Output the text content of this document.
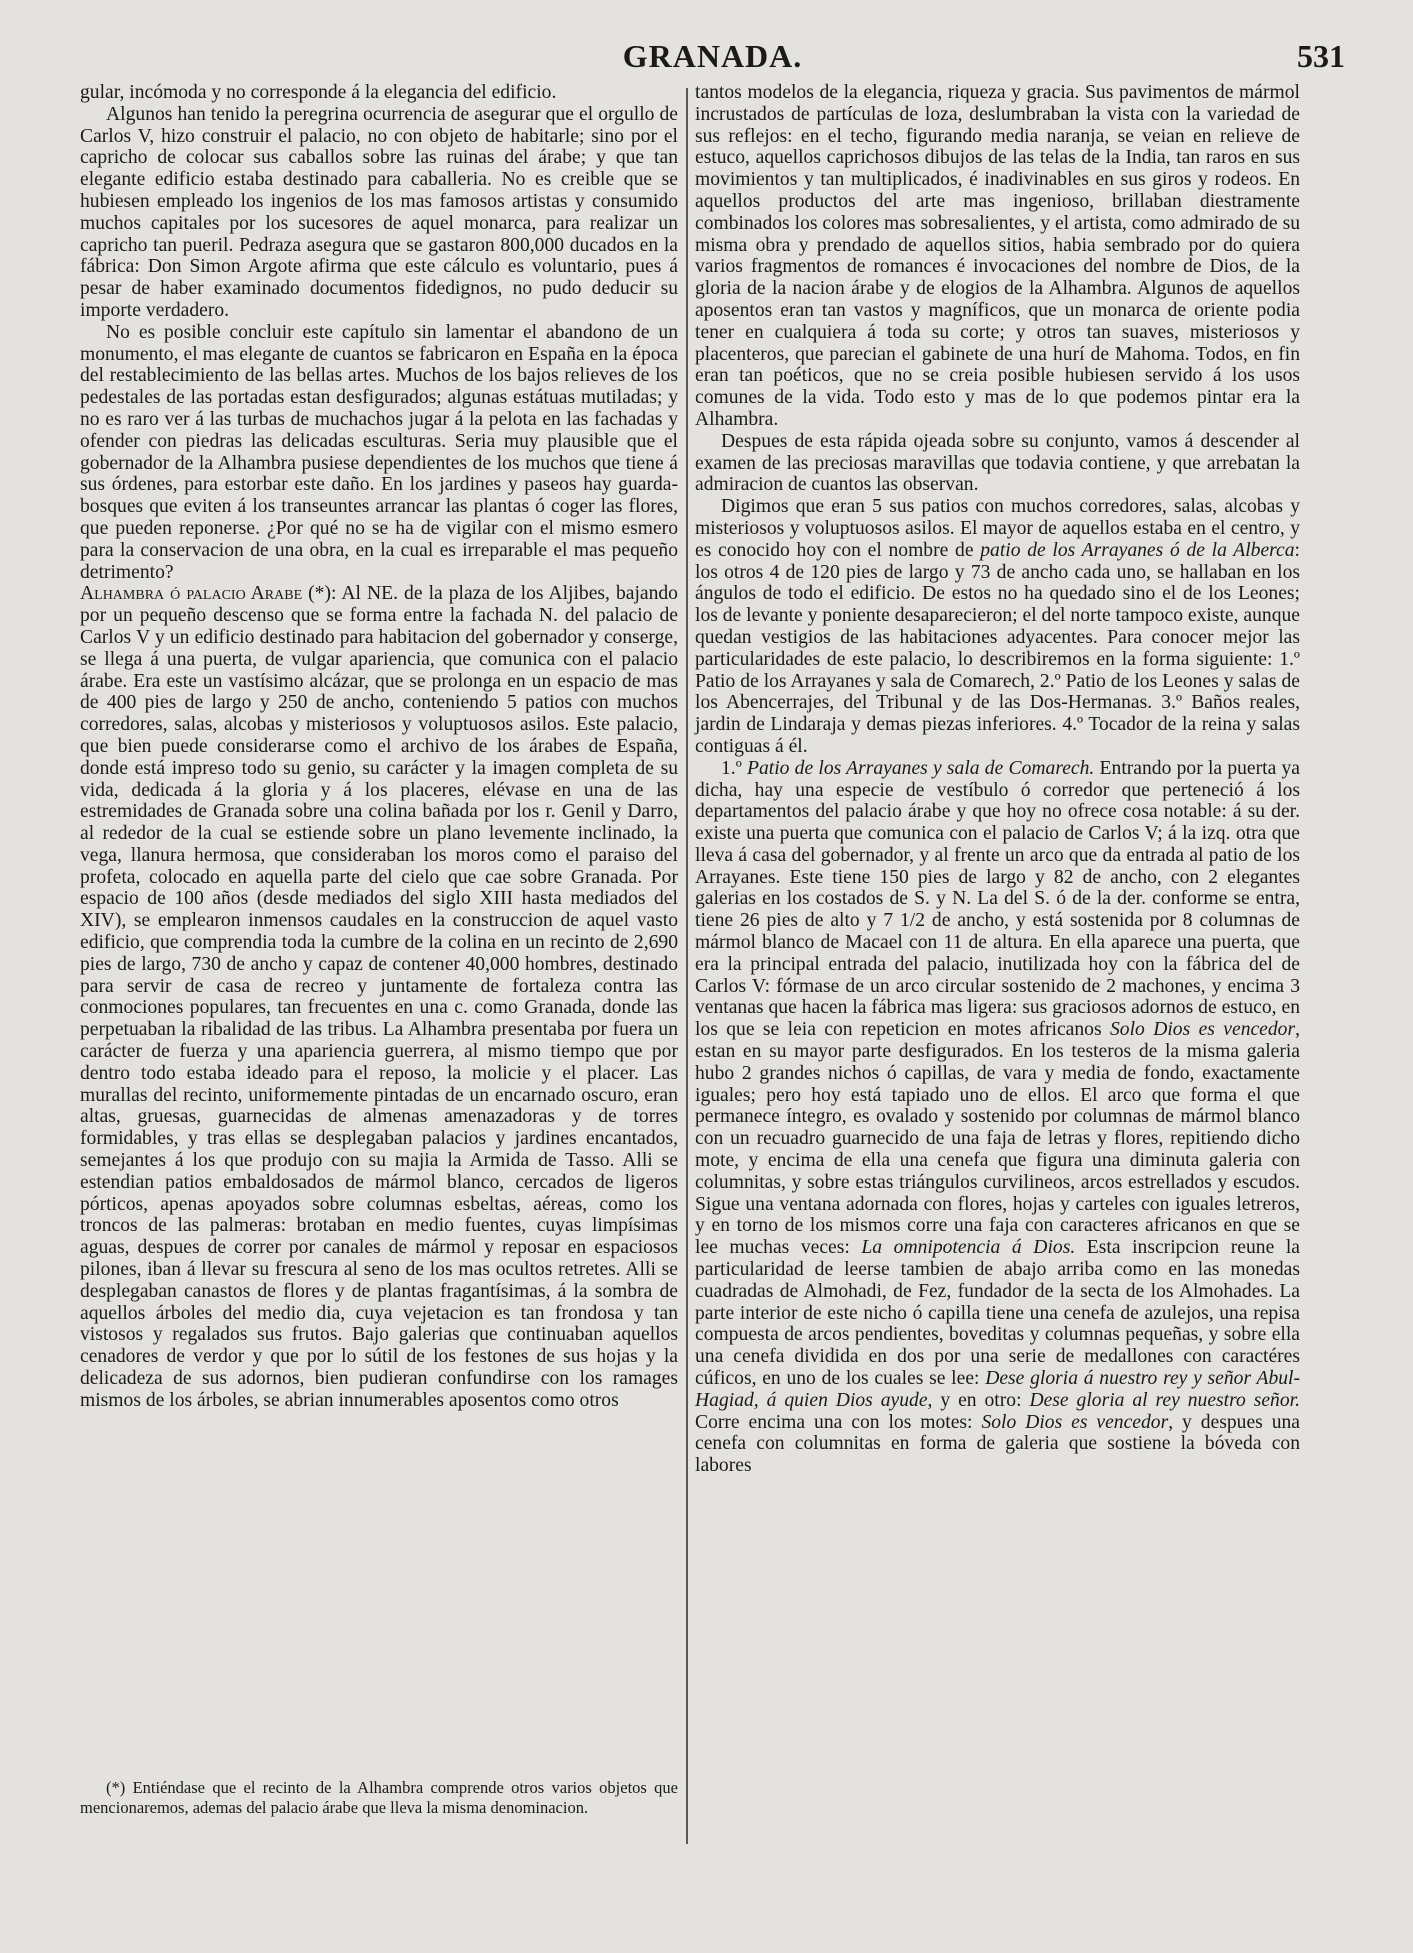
GRANADA.	531

gular, incómoda y no corresponde á la elegancia del edificio.

Algunos han tenido la peregrina ocurrencia de asegurar que el orgullo de Carlos V, hizo construir el palacio, no con objeto de habitarle; sino por el capricho de colocar sus caballos sobre las ruinas del árabe; y que tan elegante edificio estaba destinado para caballeria. No es creible que se hubiesen empleado los ingenios de los mas famosos artistas y consumido muchos capitales por los sucesores de aquel monarca, para realizar un capricho tan pueril. Pedraza asegura que se gastaron 800,000 ducados en la fábrica: Don Simon Argote afirma que este cálculo es voluntario, pues á pesar de haber examinado documentos fidedignos, no pudo deducir su importe verdadero.

No es posible concluir este capítulo sin lamentar el abandono de un monumento, el mas elegante de cuantos se fabricaron en España en la época del restablecimiento de las bellas artes. Muchos de los bajos relieves de los pedestales de las portadas estan desfigurados; algunas estátuas mutiladas; y no es raro ver á las turbas de muchachos jugar á la pelota en las fachadas y ofender con piedras las delicadas esculturas. Seria muy plausible que el gobernador de la Alhambra pusiese dependientes de los muchos que tiene á sus órdenes, para estorbar este daño. En los jardines y paseos hay guarda-bosques que eviten á los transeuntes arrancar las plantas ó coger las flores, que pueden reponerse. ¿Por qué no se ha de vigilar con el mismo esmero para la conservacion de una obra, en la cual es irreparable el mas pequeño detrimento?

Alhambra ó palacio Arabe (*): Al NE. de la plaza de los Aljibes, bajando por un pequeño descenso que se forma entre la fachada N. del palacio de Carlos V y un edificio destinado para habitacion del gobernador y conserge, se llega á una puerta, de vulgar apariencia, que comunica con el palacio árabe. Era este un vastísimo alcázar, que se prolonga en un espacio de mas de 400 pies de largo y 250 de ancho, conteniendo 5 patios con muchos corredores, salas, alcobas y misteriosos y voluptuosos asilos. Este palacio, que bien puede considerarse como el archivo de los árabes de España, donde está impreso todo su genio, su carácter y la imagen completa de su vida, dedicada á la gloria y á los placeres, elévase en una de las estremidades de Granada sobre una colina bañada por los r. Genil y Darro, al rededor de la cual se estiende sobre un plano levemente inclinado, la vega, llanura hermosa, que consideraban los moros como el paraiso del profeta, colocado en aquella parte del cielo que cae sobre Granada. Por espacio de 100 años (desde mediados del siglo XIII hasta mediados del XIV), se emplearon inmensos caudales en la construccion de aquel vasto edificio, que comprendia toda la cumbre de la colina en un recinto de 2,690 pies de largo, 730 de ancho y capaz de contener 40,000 hombres, destinado para servir de casa de recreo y juntamente de fortaleza contra las conmociones populares, tan frecuentes en una c. como Granada, donde las perpetuaban la ribalidad de las tribus. La Alhambra presentaba por fuera un carácter de fuerza y una apariencia guerrera, al mismo tiempo que por dentro todo estaba ideado para el reposo, la molicie y el placer. Las murallas del recinto, uniformemente pintadas de un encarnado oscuro, eran altas, gruesas, guarnecidas de almenas amenazadoras y de torres formidables, y tras ellas se desplegaban palacios y jardines encantados, semejantes á los que produjo con su majia la Armida de Tasso. Alli se estendian patios embaldosados de mármol blanco, cercados de ligeros pórticos, apenas apoyados sobre columnas esbeltas, aéreas, como los troncos de las palmeras: brotaban en medio fuentes, cuyas limpísimas aguas, despues de correr por canales de mármol y reposar en espaciosos pilones, iban á llevar su frescura al seno de los mas ocultos retretes. Alli se desplegaban canastos de flores y de plantas fragantísimas, á la sombra de aquellos árboles del medio dia, cuya vejetacion es tan frondosa y tan vistosos y regalados sus frutos. Bajo galerias que continuaban aquellos cenadores de verdor y que por lo sútil de los festones de sus hojas y la delicadeza de sus adornos, bien pudieran confundirse con los ramages mismos de los árboles, se abrian innumerables aposentos como otros

tantos modelos de la elegancia, riqueza y gracia. Sus pavimentos de mármol incrustados de partículas de loza, deslumbraban la vista con la variedad de sus reflejos: en el techo, figurando media naranja, se veian en relieve de estuco, aquellos caprichosos dibujos de las telas de la India, tan raros en sus movimientos y tan multiplicados, é inadivinables en sus giros y rodeos. En aquellos productos del arte mas ingenioso, brillaban diestramente combinados los colores mas sobresalientes, y el artista, como admirado de su misma obra y prendado de aquellos sitios, habia sembrado por do quiera varios fragmentos de romances é invocaciones del nombre de Dios, de la gloria de la nacion árabe y de elogios de la Alhambra. Algunos de aquellos aposentos eran tan vastos y magníficos, que un monarca de oriente podia tener en cualquiera á toda su corte; y otros tan suaves, misteriosos y placenteros, que parecian el gabinete de una hurí de Mahoma. Todos, en fin eran tan poéticos, que no se creia posible hubiesen servido á los usos comunes de la vida. Todo esto y mas de lo que podemos pintar era la Alhambra.

Despues de esta rápida ojeada sobre su conjunto, vamos á descender al examen de las preciosas maravillas que todavia contiene, y que arrebatan la admiracion de cuantos las observan.

Digimos que eran 5 sus patios con muchos corredores, salas, alcobas y misteriosos y voluptuosos asilos. El mayor de aquellos estaba en el centro, y es conocido hoy con el nombre de patio de los Arrayanes ó de la Alberca: los otros 4 de 120 pies de largo y 73 de ancho cada uno, se hallaban en los ángulos de todo el edificio. De estos no ha quedado sino el de los Leones; los de levante y poniente desaparecieron; el del norte tampoco existe, aunque quedan vestigios de las habitaciones adyacentes. Para conocer mejor las particularidades de este palacio, lo describiremos en la forma siguiente: 1.º Patio de los Arrayanes y sala de Comarech, 2.º Patio de los Leones y salas de los Abencerrajes, del Tribunal y de las Dos-Hermanas. 3.º Baños reales, jardin de Lindaraja y demas piezas inferiores. 4.º Tocador de la reina y salas contiguas á él.

1.º Patio de los Arrayanes y sala de Comarech. Entrando por la puerta ya dicha, hay una especie de vestíbulo ó corredor que perteneció á los departamentos del palacio árabe y que hoy no ofrece cosa notable: á su der. existe una puerta que comunica con el palacio de Carlos V; á la izq. otra que lleva á casa del gobernador, y al frente un arco que da entrada al patio de los Arrayanes. Este tiene 150 pies de largo y 82 de ancho, con 2 elegantes galerias en los costados de S. y N. La del S. ó de la der. conforme se entra, tiene 26 pies de alto y 7 1/2 de ancho, y está sostenida por 8 columnas de mármol blanco de Macael con 11 de altura. En ella aparece una puerta, que era la principal entrada del palacio, inutilizada hoy con la fábrica del de Carlos V: fórmase de un arco circular sostenido de 2 machones, y encima 3 ventanas que hacen la fábrica mas ligera: sus graciosos adornos de estuco, en los que se leia con repeticion en motes africanos Solo Dios es vencedor, estan en su mayor parte desfigurados. En los testeros de la misma galeria hubo 2 grandes nichos ó capillas, de vara y media de fondo, exactamente iguales; pero hoy está tapiado uno de ellos. El arco que forma el que permanece íntegro, es ovalado y sostenido por columnas de mármol blanco con un recuadro guarnecido de una faja de letras y flores, repitiendo dicho mote, y encima de ella una cenefa que figura una diminuta galeria con columnitas, y sobre estas triángulos curvilineos, arcos estrellados y escudos. Sigue una ventana adornada con flores, hojas y carteles con iguales letreros, y en torno de los mismos corre una faja con caracteres africanos en que se lee muchas veces: La omnipotencia á Dios. Esta inscripcion reune la particularidad de leerse tambien de abajo arriba como en las monedas cuadradas de Almohadi, de Fez, fundador de la secta de los Almohades. La parte interior de este nicho ó capilla tiene una cenefa de azulejos, una repisa compuesta de arcos pendientes, boveditas y columnas pequeñas, y sobre ella una cenefa dividida en dos por una serie de medallones con caractéres cúficos, en uno de los cuales se lee: Dese gloria á nuestro rey y señor Abul-Hagiad, á quien Dios ayude, y en otro: Dese gloria al rey nuestro señor. Corre encima una con los motes: Solo Dios es vencedor, y despues una cenefa con columnitas en forma de galeria que sostiene la bóveda con labores

(*) Entiéndase que el recinto de la Alhambra comprende otros varios objetos que mencionaremos, ademas del palacio árabe que lleva la misma denominacion.
